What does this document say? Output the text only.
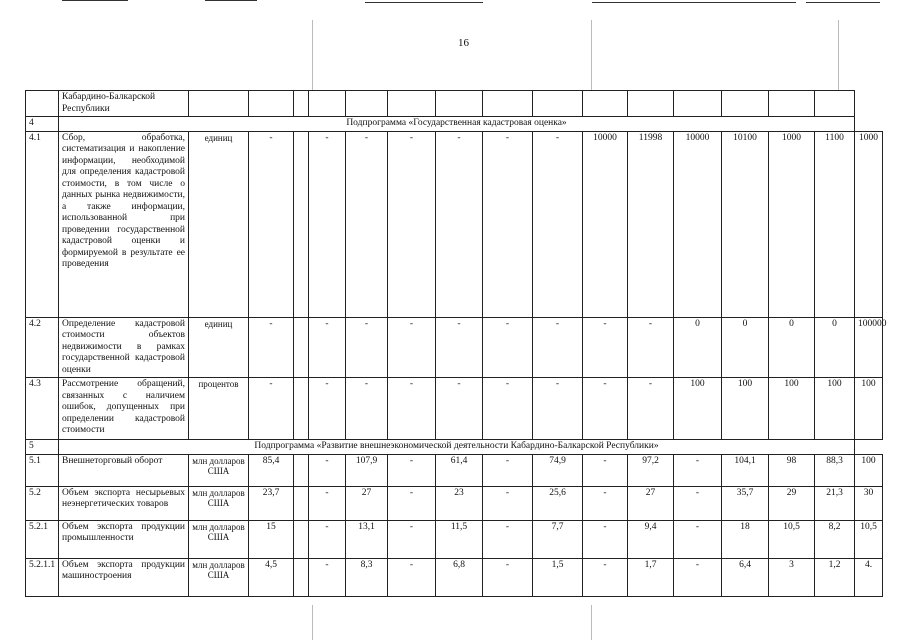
16
	Кабардино-Балкарской Республики																
4	Подпрограмма «Государственная кадастровая оценка»																
4.1	Сбор, обработка, систематизация и накопление информации, необходимой для определения кадастровой стоимости, в том числе о данных рынка недвижимости, а также информации, использованной при проведении государственной кадастровой оценки и формируемой в результате ее проведения	единиц	-		-	-	-	-	-	-	10000	11998	10000	10100	1000	1100	1000
4.2	Определение кадастровой стоимости объектов недвижимости в рамках государственной кадастровой оценки	единиц	-		-	-	-	-	-	-	-	-	0	0	0	0	100000
4.3	Рассмотрение обращений, связанных с наличием ошибок, допущенных при определении кадастровой стоимости	процентов	-		-	-	-	-	-	-	-	-	100	100	100	100	100
5	Подпрограмма «Развитие внешнеэкономической деятельности Кабардино-Балкарской Республики»																
5.1	Внешнеторговый оборот	млн долларов США	85,4		-	107,9	-	61,4	-	74,9	-	97,2	-	104,1	98	88,3	100
5.2	Объем экспорта несырьевых неэнергетических товаров	млн долларов США	23,7		-	27	-	23	-	25,6	-	27	-	35,7	29	21,3	30
5.2.1	Объем экспорта продукции промышленности	млн долларов США	15		-	13,1	-	11,5	-	7,7	-	9,4	-	18	10,5	8,2	10,5
5.2.1.1	Объем экспорта продукции машиностроения	млн долларов США	4,5		-	8,3	-	6,8	-	1,5	-	1,7	-	6,4	3	1,2	4.
